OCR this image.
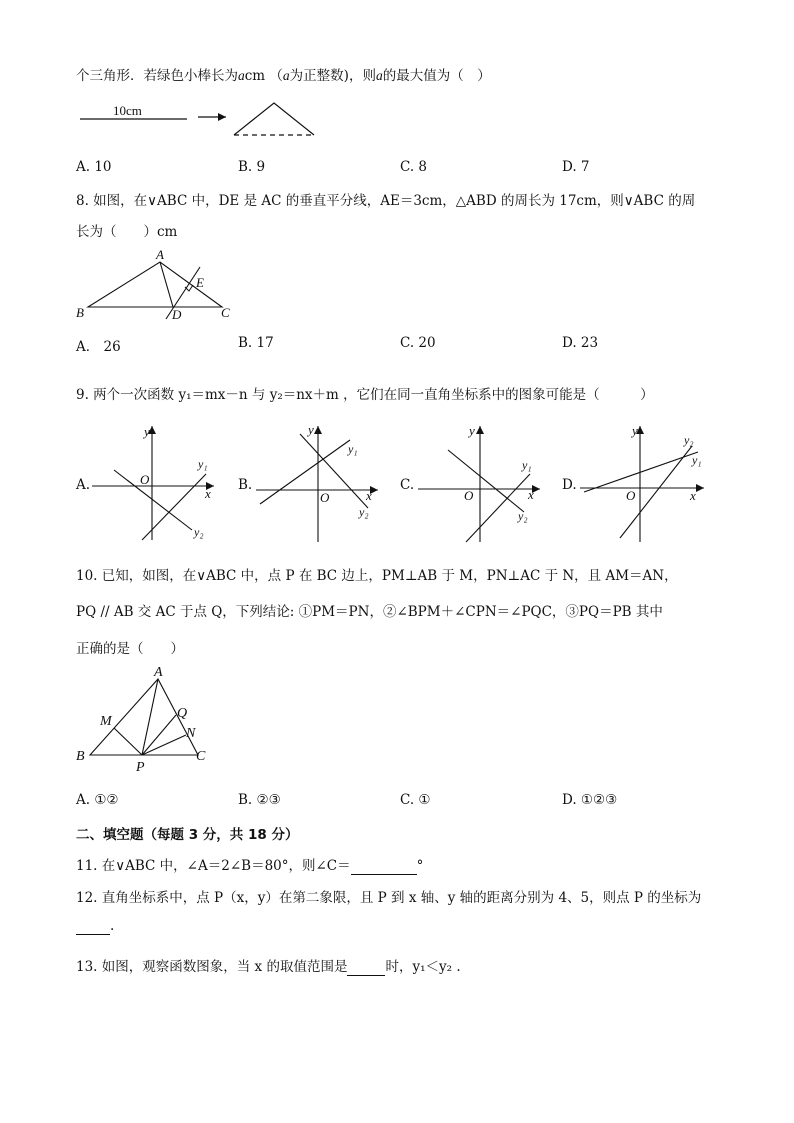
个三角形．若绿色小棒长为acm （a为正整数)，则a的最大值为（　）
10cm
A. 10	B. 9	C. 8	D. 7
8. 如图，在∨ABC 中，DE 是 AC 的垂直平分线，AE＝3cm，△ABD 的周长为 17cm，则∨ABC 的周
长为（　　）cm
A
B	C
D
E
A． 26	B. 17	C. 20	D. 23
9. 两个一次函数 y₁＝mx－n 与 y₂＝nx＋m ，它们在同一直角坐标系中的图象可能是（　　　）
A.	B.	C.	D.
y
x
O
y₁
y₂
y
x
O
y₁
y₂
y
x
O
y₁
y₂
y
x
O
y₁
y₂
10. 已知，如图，在∨ABC 中，点 P 在 BC 边上，PM⊥AB 于 M，PN⊥AC 于 N，且 AM＝AN，
PQ // AB 交 AC 于点 Q，下列结论: ①PM＝PN，②∠BPM＋∠CPN＝∠PQC，③PQ＝PB 其中
正确的是（　　）
A
B	C
M
N
P
Q
A. ①②	B. ②③	C. ①	D. ①②③
二、填空题（每题 3 分，共 18 分）
11. 在∨ABC 中，∠A＝2∠B＝80°，则∠C＝	°
12. 直角坐标系中，点 P（x，y）在第二象限，且 P 到 x 轴、y 轴的距离分别为 4、5，则点 P 的坐标为
.
13. 如图，观察函数图象，当 x 的取值范围是	时，y₁＜y₂ .
